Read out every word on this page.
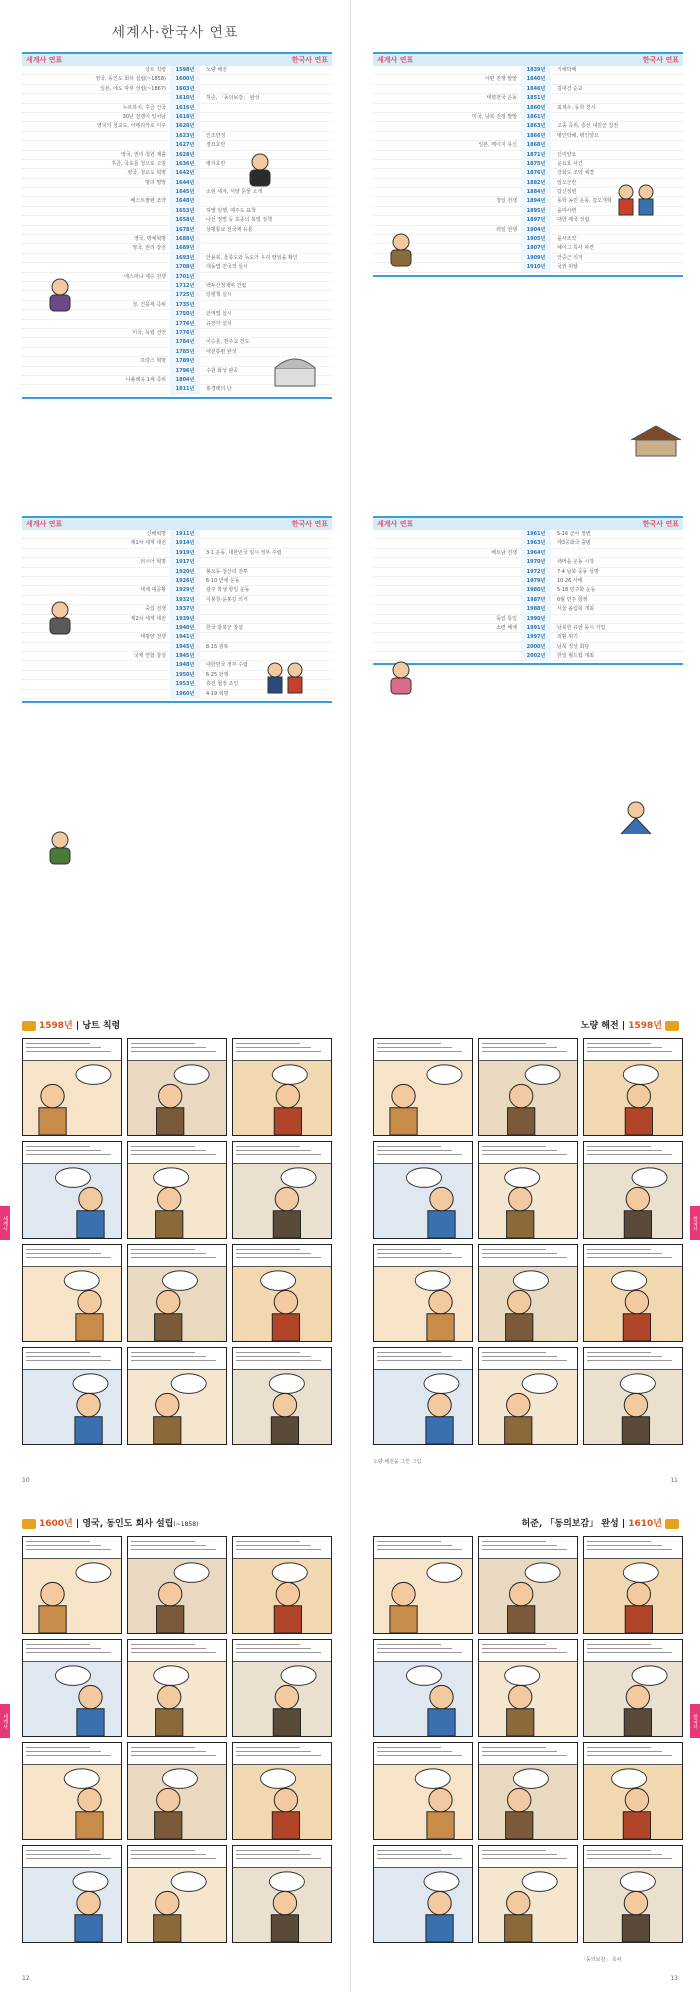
세계사·한국사 연표
세계사 연표	한국사 연표
낭트 칙령	1598년	노량 해전
영국, 동인도 회사 설립(~1858)	1600년
일본, 에도 막부 성립(~1867)	1603년
1610년	허준, 「동의보감」 완성
누르하치, 후금 건국	1616년
30년 전쟁이 일어남	1618년
영국의 청교도, 아메리카로 이주	1620년
1623년	인조반정
1627년	정묘호란
영국, 권리 청원 제출	1628년
후금, 국호를 청으로 고침	1636년	병자호란
영국, 청교도 혁명	1642년
명의 멸망	1644년
1645년	소현 세자, 서양 문물 소개
베스트팔렌 조약	1648년
1653년	하멜 일행, 제주도 표착
1658년	나선 정벌 등 효종의 북벌 정책
1678년	상평통보 전국에 유통
영국, 명예혁명	1688년
영국, 권리 장전	1689년
1693년	안용복, 울릉도와 독도가 우리 땅임을 확인
1708년	대동법 전국적 실시
에스파냐 계승 전쟁	1701년
1712년	백두산정계비 건립
1725년	탕평책 실시
청, 건륭제 즉위	1735년
1750년	균역법 실시
1776년	규장각 설치
미국, 독립 선언	1776년
1784년	이승훈, 천주교 전도
1785년	대전통편 완성
프랑스 혁명	1789년
1796년	수원 화성 완공
나폴레옹 1세 즉위	1804년
1811년	홍경래의 난
세계사 연표	한국사 연표
1839년	기해박해
아편 전쟁 발발	1840년
1846년	김대건 순교
태평천국 운동	1851년
1860년	최제우, 동학 창시
미국, 남북 전쟁 발발	1861년
1863년	고종 즉위, 흥선 대원군 집권
1866년	병인박해, 병인양요
일본, 메이지 유신	1868년
1871년	신미양요
1875년	운요호 사건
1876년	강화도 조약 체결
1882년	임오군란
1884년	갑신정변
청일 전쟁	1894년	동학 농민 운동, 갑오개혁
1895년	을미사변
1897년	대한 제국 성립
러일 전쟁	1904년
1905년	을사조약
1907년	헤이그 특사 파견
1909년	안중근 의거
1910년	국권 피탈
세계사 연표	한국사 연표
신해혁명	1911년
제1차 세계 대전	1914년
1919년	3·1 운동, 대한민국 임시 정부 수립
러시아 혁명	1917년
1920년	봉오동·청산리 전투
1926년	6·10 만세 운동
세계 대공황	1929년	광주 학생 항일 운동
1932년	이봉창·윤봉길 의거
중일 전쟁	1937년
제2차 세계 대전	1939년
1940년	한국 광복군 창설
태평양 전쟁	1941년
1945년	8·15 광복
국제 연합 창설	1945년
1948년	대한민국 정부 수립
1950년	6·25 전쟁
1953년	휴전 협정 조인
1960년	4·19 혁명
세계사 연표	한국사 연표
1961년	5·16 군사 정변
1963년	제3공화국 출범
베트남 전쟁	1964년
1970년	새마을 운동 시작
1972년	7·4 남북 공동 성명
1979년	10·26 사태
1980년	5·18 민주화 운동
1987년	6월 민주 항쟁
1988년	서울 올림픽 개최
독일 통일	1990년
소련 해체	1991년	남북한 유엔 동시 가입
1997년	외환 위기
2000년	남북 정상 회담
2002년	한일 월드컵 개최
1598년 | 낭트 칙령
세계사
10
노량 해전 | 1598년
노량 해전을 그린 그림
한국사
11
1600년 | 영국, 동인도 회사 설립(~1858)
세계사
12
허준, 「동의보감」 완성 | 1610년
「동의보감」 목차
한국사
13
